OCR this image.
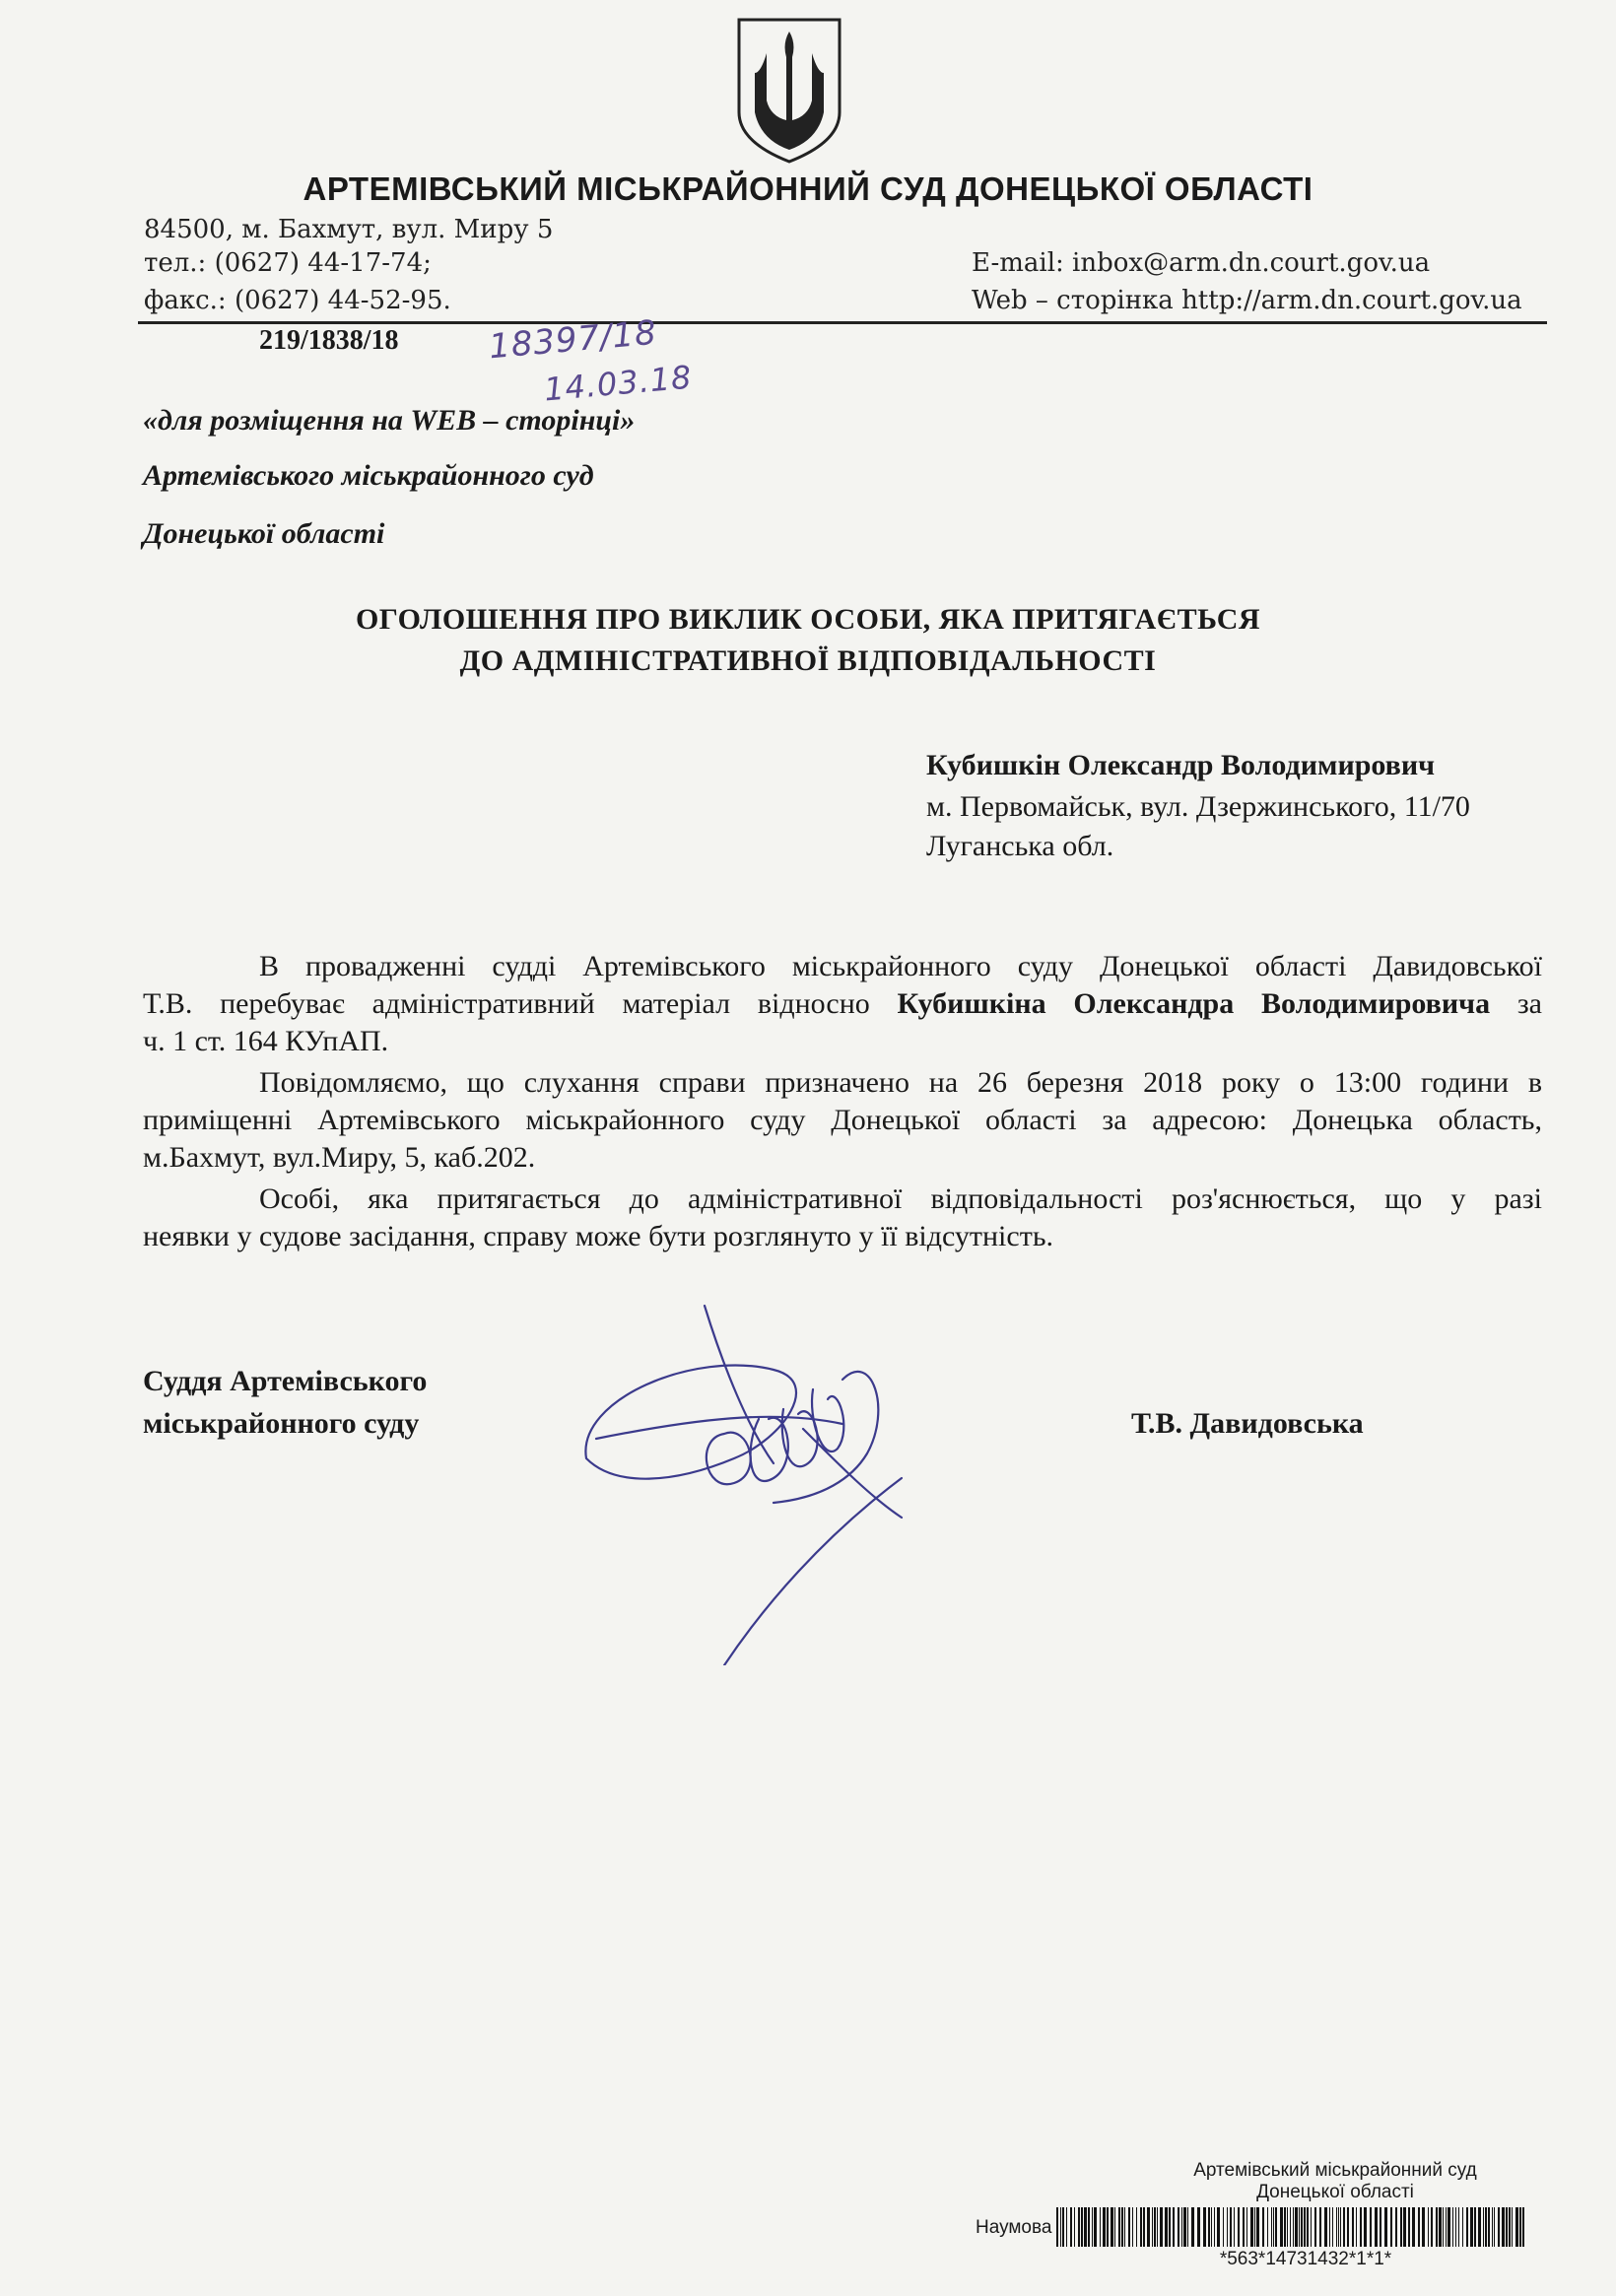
АРТЕМІВСЬКИЙ МІСЬКРАЙОННИЙ СУД ДОНЕЦЬКОЇ ОБЛАСТІ
84500, м. Бахмут, вул. Миру 5
тел.: (0627) 44-17-74;
факс.: (0627) 44-52-95.
E-mail: inbox@arm.dn.court.gov.ua
Web – сторінка http://arm.dn.court.gov.ua
219/1838/18	18397/18
14.03.18
«для розміщення на WEB – сторінці»
Артемівського міськрайонного суд
Донецької області
ОГОЛОШЕННЯ ПРО ВИКЛИК ОСОБИ, ЯКА ПРИТЯГАЄТЬСЯ
ДО АДМІНІСТРАТИВНОЇ ВІДПОВІДАЛЬНОСТІ
Кубишкін Олександр Володимирович
м. Первомайськ, вул. Дзержинського, 11/70
Луганська обл.
В провадженні судді Артемівського міськрайонного суду Донецької області Давидовської
Т.В. перебуває адміністративний матеріал відносно Кубишкіна Олександра Володимировича за
ч. 1 ст. 164 КУпАП.
Повідомляємо, що слухання справи призначено на 26 березня 2018 року о 13:00 години в
приміщенні Артемівського міськрайонного суду Донецької області за адресою: Донецька область,
м.Бахмут, вул.Миру, 5, каб.202.
Особі, яка притягається до адміністративної відповідальності роз'яснюється, що у разі
неявки у судове засідання, справу може бути розглянуто у її відсутність.
Суддя Артемівського
міськрайонного суду	Т.В. Давидовська
Артемівський міськрайонний суд
Донецької області
Наумова
*563*14731432*1*1*
